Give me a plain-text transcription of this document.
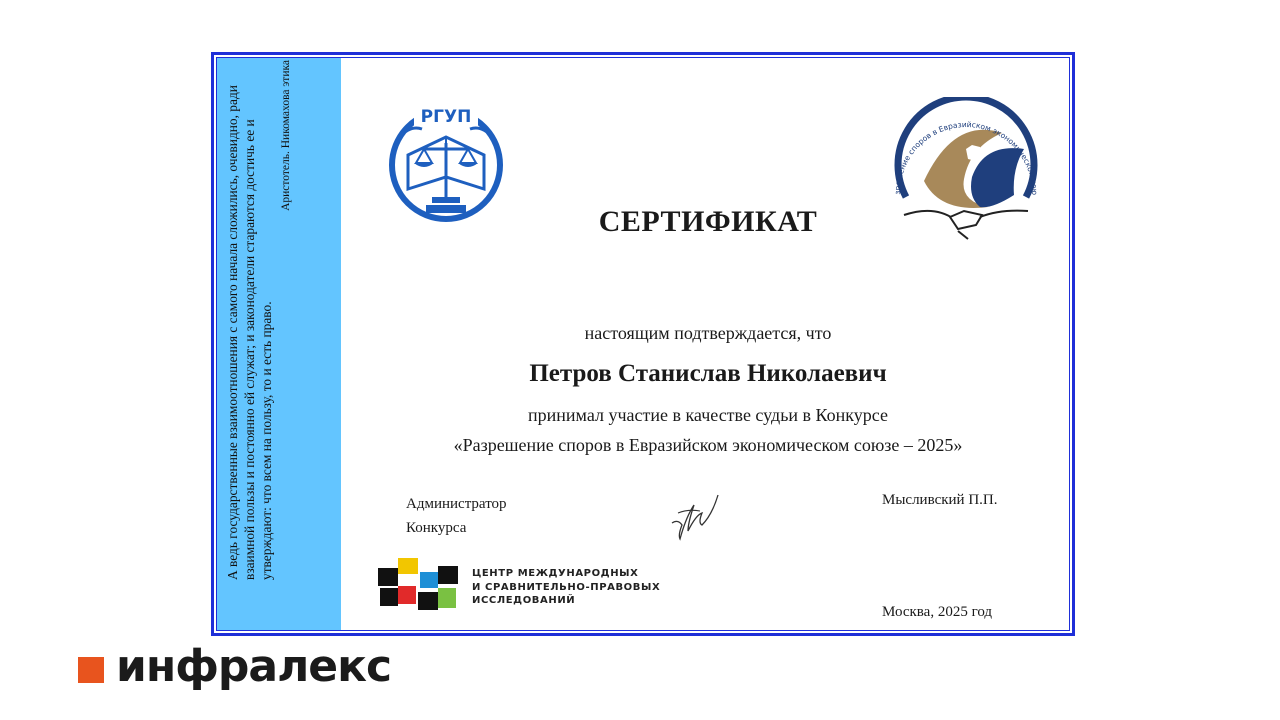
А ведь государственные взаимоотношения с самого начала сложились, очевидно, ради взаимной пользы и постоянно ей служат; и законодатели стараются достичь ее и утверждают: что всем на пользу, то и есть право.
Аристотель. Никомахова этика	РГУП
зрешение споров в Евразийском экономическом сою
СЕРТИФИКАТ
настоящим подтверждается, что
Петров Станислав Николаевич
принимал участие в качестве судьи в Конкурсе
«Разрешение споров в Евразийском экономическом союзе – 2025»
Администратор
Конкурса
Мысливский П.П.
ЦЕНТР МЕЖДУНАРОДНЫХ
И СРАВНИТЕЛЬНО-ПРАВОВЫХ
ИССЛЕДОВАНИЙ
Москва, 2025 год
инфралекс
